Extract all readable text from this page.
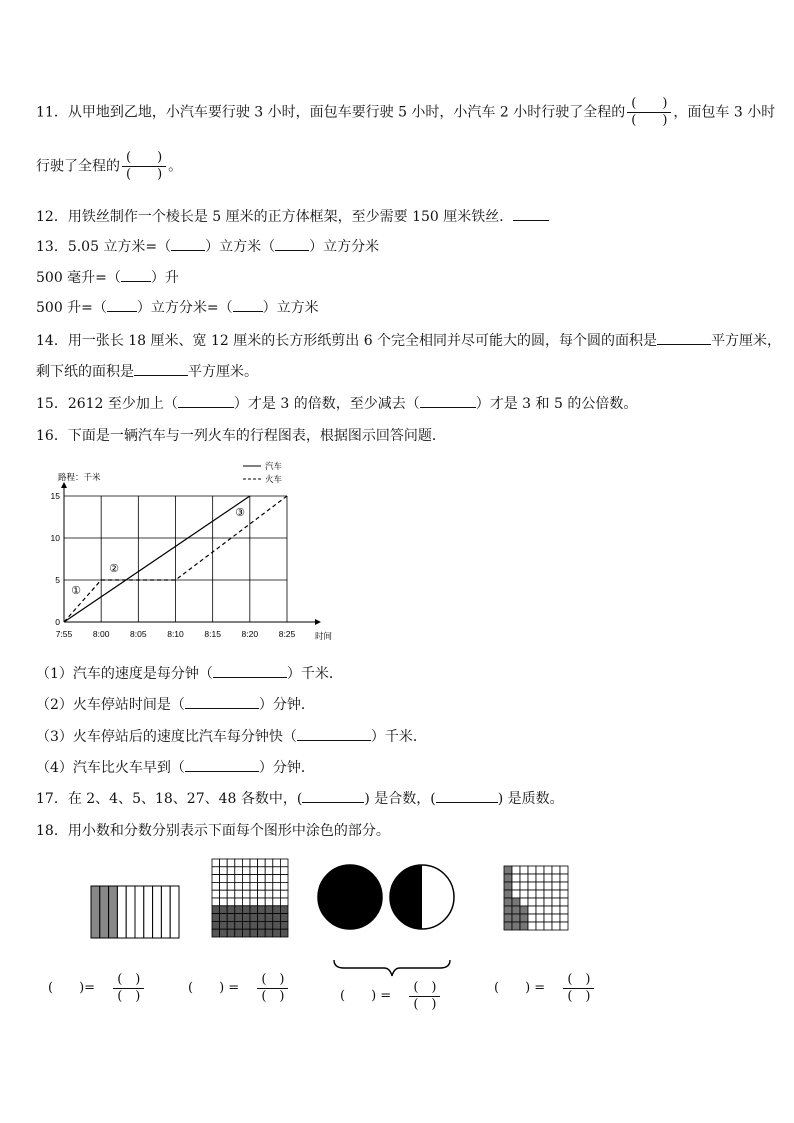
11．从甲地到乙地，小汽车要行驶 3 小时，面包车要行驶 5 小时，小汽车 2 小时行驶了全程的 $\frac{( )}{( )}$ ，面包车 3 小时
行驶了全程的 $\frac{( )}{( )}$ 。
12．用铁丝制作一个棱长是 5 厘米的正方体框架，至少需要 150 厘米铁丝．
13．5.05 立方米=（ ）立方米（ ）立方分米
500 毫升=（ ）升
500 升=（ ）立方分米=（ ）立方米
14．用一张长 18 厘米、宽 12 厘米的长方形纸剪出 6 个完全相同并尽可能大的圆，每个圆的面积是	平方厘米，
剩下纸的面积是	平方厘米。
15．2612 至少加上（	）才是 3 的倍数，至少减去（	）才是 3 和 5 的公倍数。
16．下面是一辆汽车与一列火车的行程图表，根据图示回答问题．
7:55 8:00 8:05 8:10 8:15 8:20 8:25
0
5
10
15
路程：千米
时间
汽车
火车
①
②
③
（1）汽车的速度是每分钟（	）千米．
（2）火车停站时间是（	）分钟．
（3）火车停站后的速度比汽车每分钟快（	）千米．
（4）汽车比火车早到（	）分钟．
17．在 2、4、5、18、27、48 各数中，(	) 是合数，(	) 是质数。
18．用小数和分数分别表示下面每个图形中涂色的部分。
(　　)= $\frac{( )}{( )}$	(　　) = $\frac{( )}{( )}$	(　　) = $\frac{( )}{( )}$	(　　) = $\frac{( )}{( )}$
